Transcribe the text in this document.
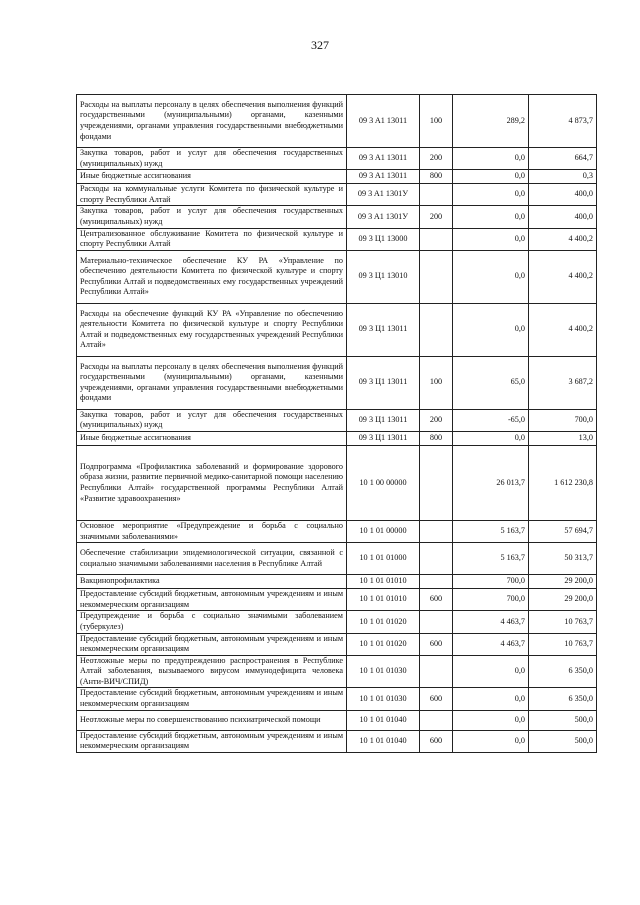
327
Расходы на выплаты персоналу в целях обеспечения выполнения функций государственными (муниципальными) органами, казенными учреждениями, органами управления государственными внебюджетными фондами	09 3 A1 13011	100	289,2	4 873,7
Закупка товаров, работ и услуг для обеспечения государственных (муниципальных) нужд	09 3 A1 13011	200	0,0	664,7
Иные бюджетные ассигнования	09 3 A1 13011	800	0,0	0,3
Расходы на коммунальные услуги Комитета по физической культуре и спорту Республики Алтай	09 3 A1 1301У		0,0	400,0
Закупка товаров, работ и услуг для обеспечения государственных (муниципальных) нужд	09 3 A1 1301У	200	0,0	400,0
Централизованное обслуживание Комитета по физической культуре и спорту Республики Алтай	09 3 Ц1 13000		0,0	4 400,2
Материально-техническое обеспечение КУ РА «Управление по обеспечению деятельности Комитета по физической культуре и спорту Республики Алтай и подведомственных ему государственных учреждений Республики Алтай»	09 3 Ц1 13010		0,0	4 400,2
Расходы на обеспечение функций КУ РА «Управление по обеспечению деятельности Комитета по физической культуре и спорту Республики Алтай и подведомственных ему государственных учреждений Республики Алтай»	09 3 Ц1 13011		0,0	4 400,2
Расходы на выплаты персоналу в целях обеспечения выполнения функций государственными (муниципальными) органами, казенными учреждениями, органами управления государственными внебюджетными фондами	09 3 Ц1 13011	100	65,0	3 687,2
Закупка товаров, работ и услуг для обеспечения государственных (муниципальных) нужд	09 3 Ц1 13011	200	-65,0	700,0
Иные бюджетные ассигнования	09 3 Ц1 13011	800	0,0	13,0
Подпрограмма «Профилактика заболеваний и формирование здорового образа жизни, развитие первичной медико-санитарной помощи населению Республики Алтай» государственной программы Республики Алтай «Развитие здравоохранения»	10 1 00 00000		26 013,7	1 612 230,8
Основное мероприятие «Предупреждение и борьба с социально значимыми заболеваниями»	10 1 01 00000		5 163,7	57 694,7
Обеспечение стабилизации эпидемиологической ситуации, связанной с социально значимыми заболеваниями населения в Республике Алтай	10 1 01 01000		5 163,7	50 313,7
Вакцинопрофилактика	10 1 01 01010		700,0	29 200,0
Предоставление субсидий бюджетным, автономным учреждениям и иным некоммерческим организациям	10 1 01 01010	600	700,0	29 200,0
Предупреждение и борьба с социально значимыми заболеванием (туберкулез)	10 1 01 01020		4 463,7	10 763,7
Предоставление субсидий бюджетным, автономным учреждениям и иным некоммерческим организациям	10 1 01 01020	600	4 463,7	10 763,7
Неотложные меры по предупреждению распространения в Республике Алтай заболевания, вызываемого вирусом иммунодефицита человека (Анти-ВИЧ/СПИД)	10 1 01 01030		0,0	6 350,0
Предоставление субсидий бюджетным, автономным учреждениям и иным некоммерческим организациям	10 1 01 01030	600	0,0	6 350,0
Неотложные меры по совершенствованию психиатрической помощи	10 1 01 01040		0,0	500,0
Предоставление субсидий бюджетным, автономным учреждениям и иным некоммерческим организациям	10 1 01 01040	600	0,0	500,0
